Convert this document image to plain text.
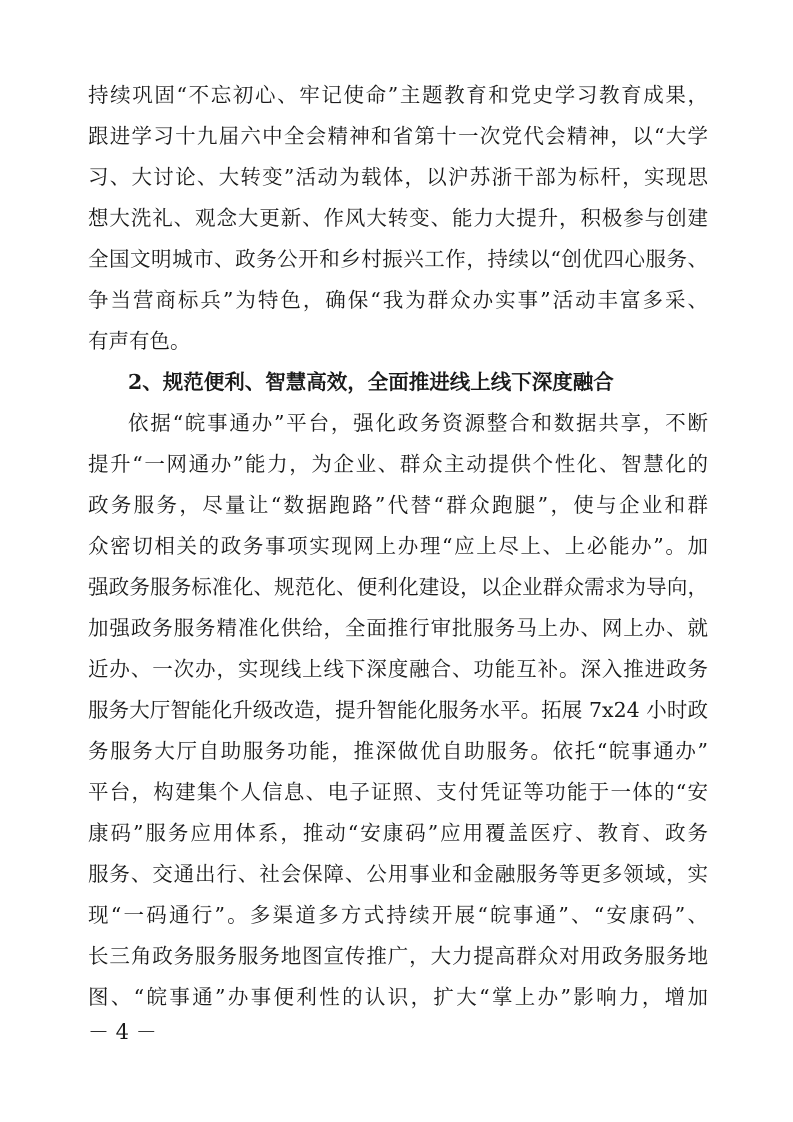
持续巩固“不忘初心、牢记使命”主题教育和党史学习教育成果，
跟进学习十九届六中全会精神和省第十一次党代会精神，以“大学
习、大讨论、大转变”活动为载体，以沪苏浙干部为标杆，实现思
想大洗礼、观念大更新、作风大转变、能力大提升，积极参与创建
全国文明城市、政务公开和乡村振兴工作，持续以“创优四心服务、
争当营商标兵”为特色，确保“我为群众办实事”活动丰富多采、
有声有色。
2、规范便利、智慧高效，全面推进线上线下深度融合
依据“皖事通办”平台，强化政务资源整合和数据共享，不断
提升“一网通办”能力，为企业、群众主动提供个性化、智慧化的
政务服务，尽量让“数据跑路”代替“群众跑腿”，使与企业和群
众密切相关的政务事项实现网上办理“应上尽上、上必能办”。加
强政务服务标准化、规范化、便利化建设，以企业群众需求为导向，
加强政务服务精准化供给，全面推行审批服务马上办、网上办、就
近办、一次办，实现线上线下深度融合、功能互补。深入推进政务
服务大厅智能化升级改造，提升智能化服务水平。拓展 7x24 小时政
务服务大厅自助服务功能，推深做优自助服务。依托“皖事通办”
平台，构建集个人信息、电子证照、支付凭证等功能于一体的“安
康码”服务应用体系，推动“安康码”应用覆盖医疗、教育、政务
服务、交通出行、社会保障、公用事业和金融服务等更多领域，实
现“一码通行”。多渠道多方式持续开展“皖事通”、“安康码”、
长三角政务服务服务地图宣传推广，大力提高群众对用政务服务地
图、“皖事通”办事便利性的认识，扩大“掌上办”影响力，增加
－ 4 －
